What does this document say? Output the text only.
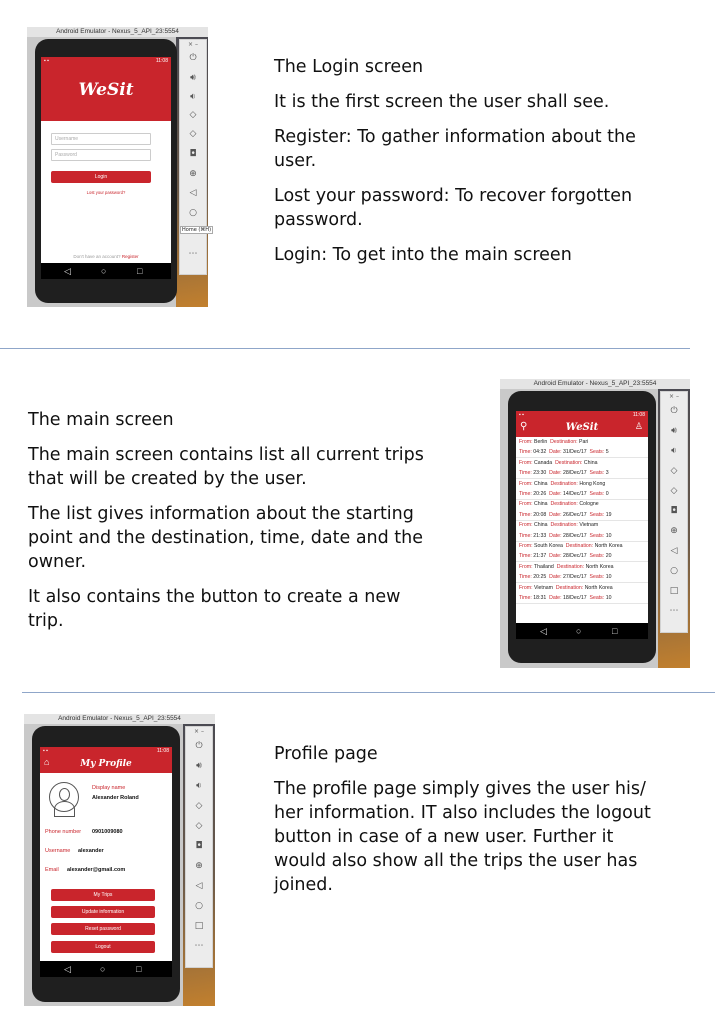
Android Emulator - Nexus_5_API_23:5554
▪ ▪	11:08
WeSit
Username
Password
Login
Lost your password?
Don't have an account? Register
◁	○	□
× –
⏻
🔊︎
🔉︎
◇
◇
◘
⊕
◁
○
Home (⌘H)
⋯

The Login screen

It is the first screen the user shall see.

Register: To gather information about the user.

Lost your password: To recover forgotten password.

Login: To get into the main screen

The main screen

The main screen contains list all current trips that will be created by the user.

The list gives information about the starting point and the destination, time, date and the owner.

It also contains the button to create a new trip.

Android Emulator - Nexus_5_API_23:5554
▪ ▪	11:08
⚲	WeSit	♙
From: Berlin Destination: Pari
Time: 04:32 Date: 31/Dec/17 Seats: 5
From: Canada Destination: China
Time: 23:30 Date: 28/Dec/17 Seats: 3
From: China Destination: Hong Kong
Time: 20:26 Date: 14/Dec/17 Seats: 0
From: China Destination: Cologne
Time: 20:08 Date: 26/Dec/17 Seats: 19
From: China Destination: Vietnam
Time: 21:33 Date: 28/Dec/17 Seats: 10
From: South Korea Destination: North Korea
Time: 21:37 Date: 28/Dec/17 Seats: 20
From: Thailand Destination: North Korea
Time: 20:25 Date: 27/Dec/17 Seats: 10
From: Vietnam Destination: North Korea
Time: 18:31 Date: 18/Dec/17 Seats: 10
◁	○	□
× –
⏻
🔊︎
🔉︎
◇
◇
◘
⊕
◁
○
□
⋯
Android Emulator - Nexus_5_API_23:5554
▪ ▪	11:08
⌂	My Profile
Display name
Alexander Roland
Phone number 0901009080
Username alexander
Email alexander@gmail.com
My Trips
Update information
Reset password
Logout
◁	○	□
× –
⏻
🔊︎
🔉︎
◇
◇
◘
⊕
◁
○
□
⋯

Profile page

The profile page simply gives the user his/ her information. IT also includes the logout button in case of a new user. Further it would also show all the trips the user has joined.
